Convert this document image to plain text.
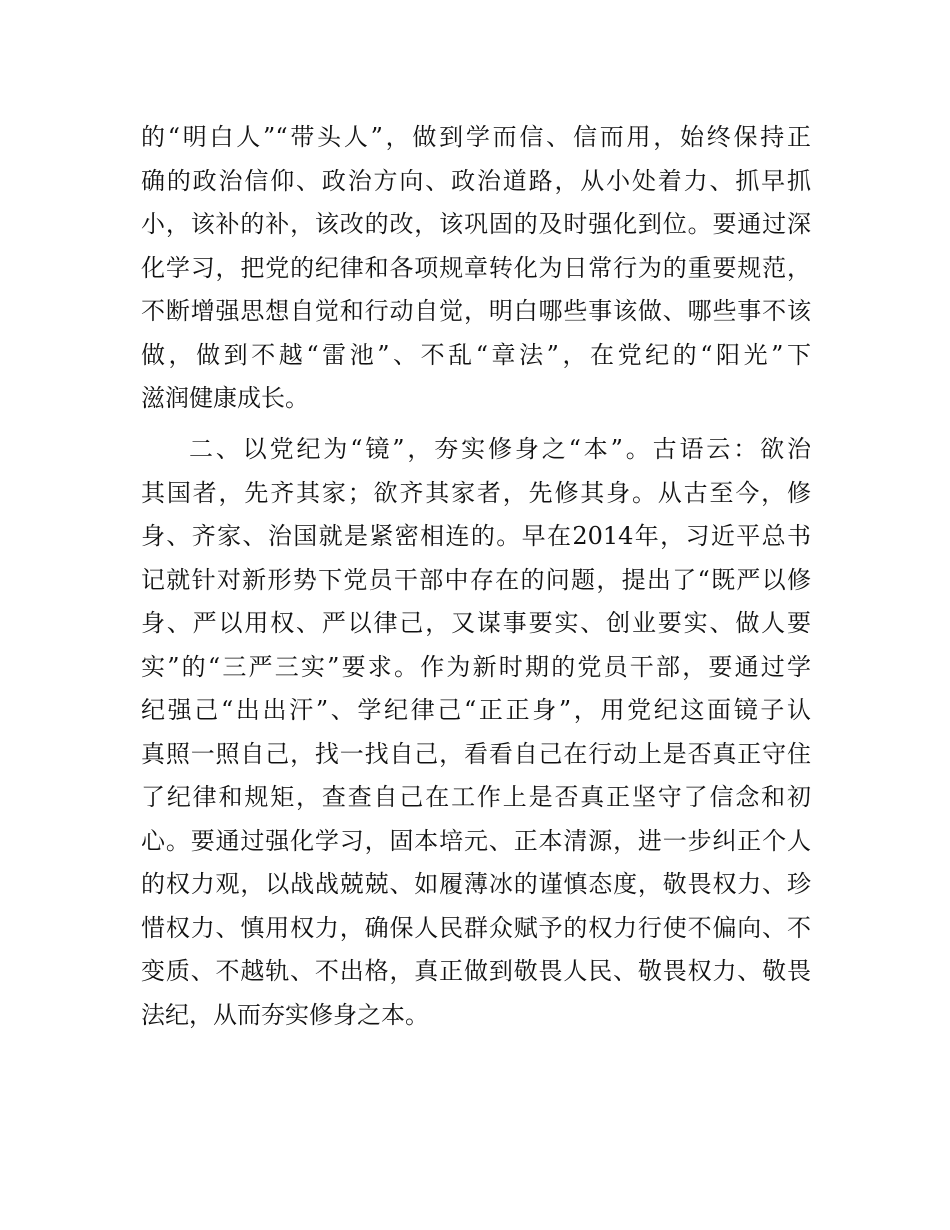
的“明白人”“带头人”，做到学而信、信而用，始终保持正
确的政治信仰、政治方向、政治道路，从小处着力、抓早抓
小，该补的补，该改的改，该巩固的及时强化到位。要通过深
化学习，把党的纪律和各项规章转化为日常行为的重要规范，
不断增强思想自觉和行动自觉，明白哪些事该做、哪些事不该
做，做到不越“雷池”、不乱“章法”，在党纪的“阳光”下
滋润健康成长。
二、以党纪为“镜”，夯实修身之“本”。古语云：欲治
其国者，先齐其家；欲齐其家者，先修其身。从古至今，修
身、齐家、治国就是紧密相连的。早在2014年，习近平总书
记就针对新形势下党员干部中存在的问题，提出了“既严以修
身、严以用权、严以律己，又谋事要实、创业要实、做人要
实”的“三严三实”要求。作为新时期的党员干部，要通过学
纪强己“出出汗”、学纪律己“正正身”，用党纪这面镜子认
真照一照自己，找一找自己，看看自己在行动上是否真正守住
了纪律和规矩，查查自己在工作上是否真正坚守了信念和初
心。要通过强化学习，固本培元、正本清源，进一步纠正个人
的权力观，以战战兢兢、如履薄冰的谨慎态度，敬畏权力、珍
惜权力、慎用权力，确保人民群众赋予的权力行使不偏向、不
变质、不越轨、不出格，真正做到敬畏人民、敬畏权力、敬畏
法纪，从而夯实修身之本。
